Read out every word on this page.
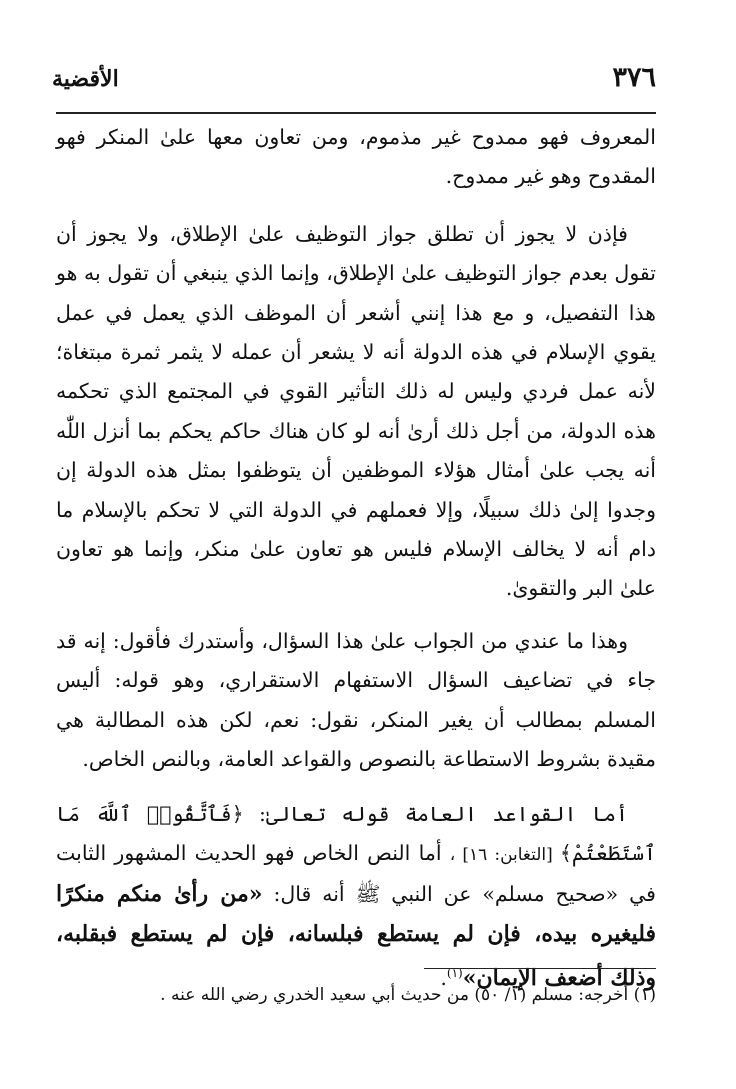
٣٧٦
الأقضية

المعروف فهو ممدوح غير مذموم، ومن تعاون معها علىٰ المنكر فهو المقدوح وهو غير ممدوح.

فإذن لا يجوز أن تطلق جواز التوظيف علىٰ الإطلاق، ولا يجوز أن تقول بعدم جواز التوظيف علىٰ الإطلاق، وإنما الذي ينبغي أن تقول به هو هذا التفصيل، و مع هذا إنني أشعر أن الموظف الذي يعمل في عمل يقوي الإسلام في هذه الدولة أنه لا يشعر أن عمله لا يثمر ثمرة مبتغاة؛ لأنه عمل فردي وليس له ذلك التأثير القوي في المجتمع الذي تحكمه هذه الدولة، من أجل ذلك أرىٰ أنه لو كان هناك حاكم يحكم بما أنزل اللّٰه أنه يجب علىٰ أمثال هؤلاء الموظفين أن يتوظفوا بمثل هذه الدولة إن وجدوا إلىٰ ذلك سبيلًا، وإلا فعملهم في الدولة التي لا تحكم بالإسلام ما دام أنه لا يخالف الإسلام فليس هو تعاون علىٰ منكر، وإنما هو تعاون علىٰ البر والتقوىٰ.

وهذا ما عندي من الجواب علىٰ هذا السؤال، وأستدرك فأقول: إنه قد جاء في تضاعيف السؤال الاستفهام الاستقراري، وهو قوله: أليس المسلم بمطالب أن يغير المنكر، نقول: نعم، لكن هذه المطالبة هي مقيدة بشروط الاستطاعة بالنصوص والقواعد العامة، وبالنص الخاص.

أما القواعد العامة قوله تعالىٰ: ﴿فَٱتَّقُوا۟ ٱللَّهَ مَا ٱسْتَطَعْتُمْ﴾ [التغابن: ١٦] ، أما النص الخاص فهو الحديث المشهور الثابت في «صحيح مسلم» عن النبي ﷺ أنه قال: «من رأىٰ منكم منكرًا فليغيره بيده، فإن لم يستطع فبلسانه، فإن لم يستطع فبقلبه، وذلك أضعف الإيمان»$^{(١)}$.

(١) أخرجه: مسلم (١/ ٥٠) من حديث أبي سعيد الخدري رضي الله عنه .
